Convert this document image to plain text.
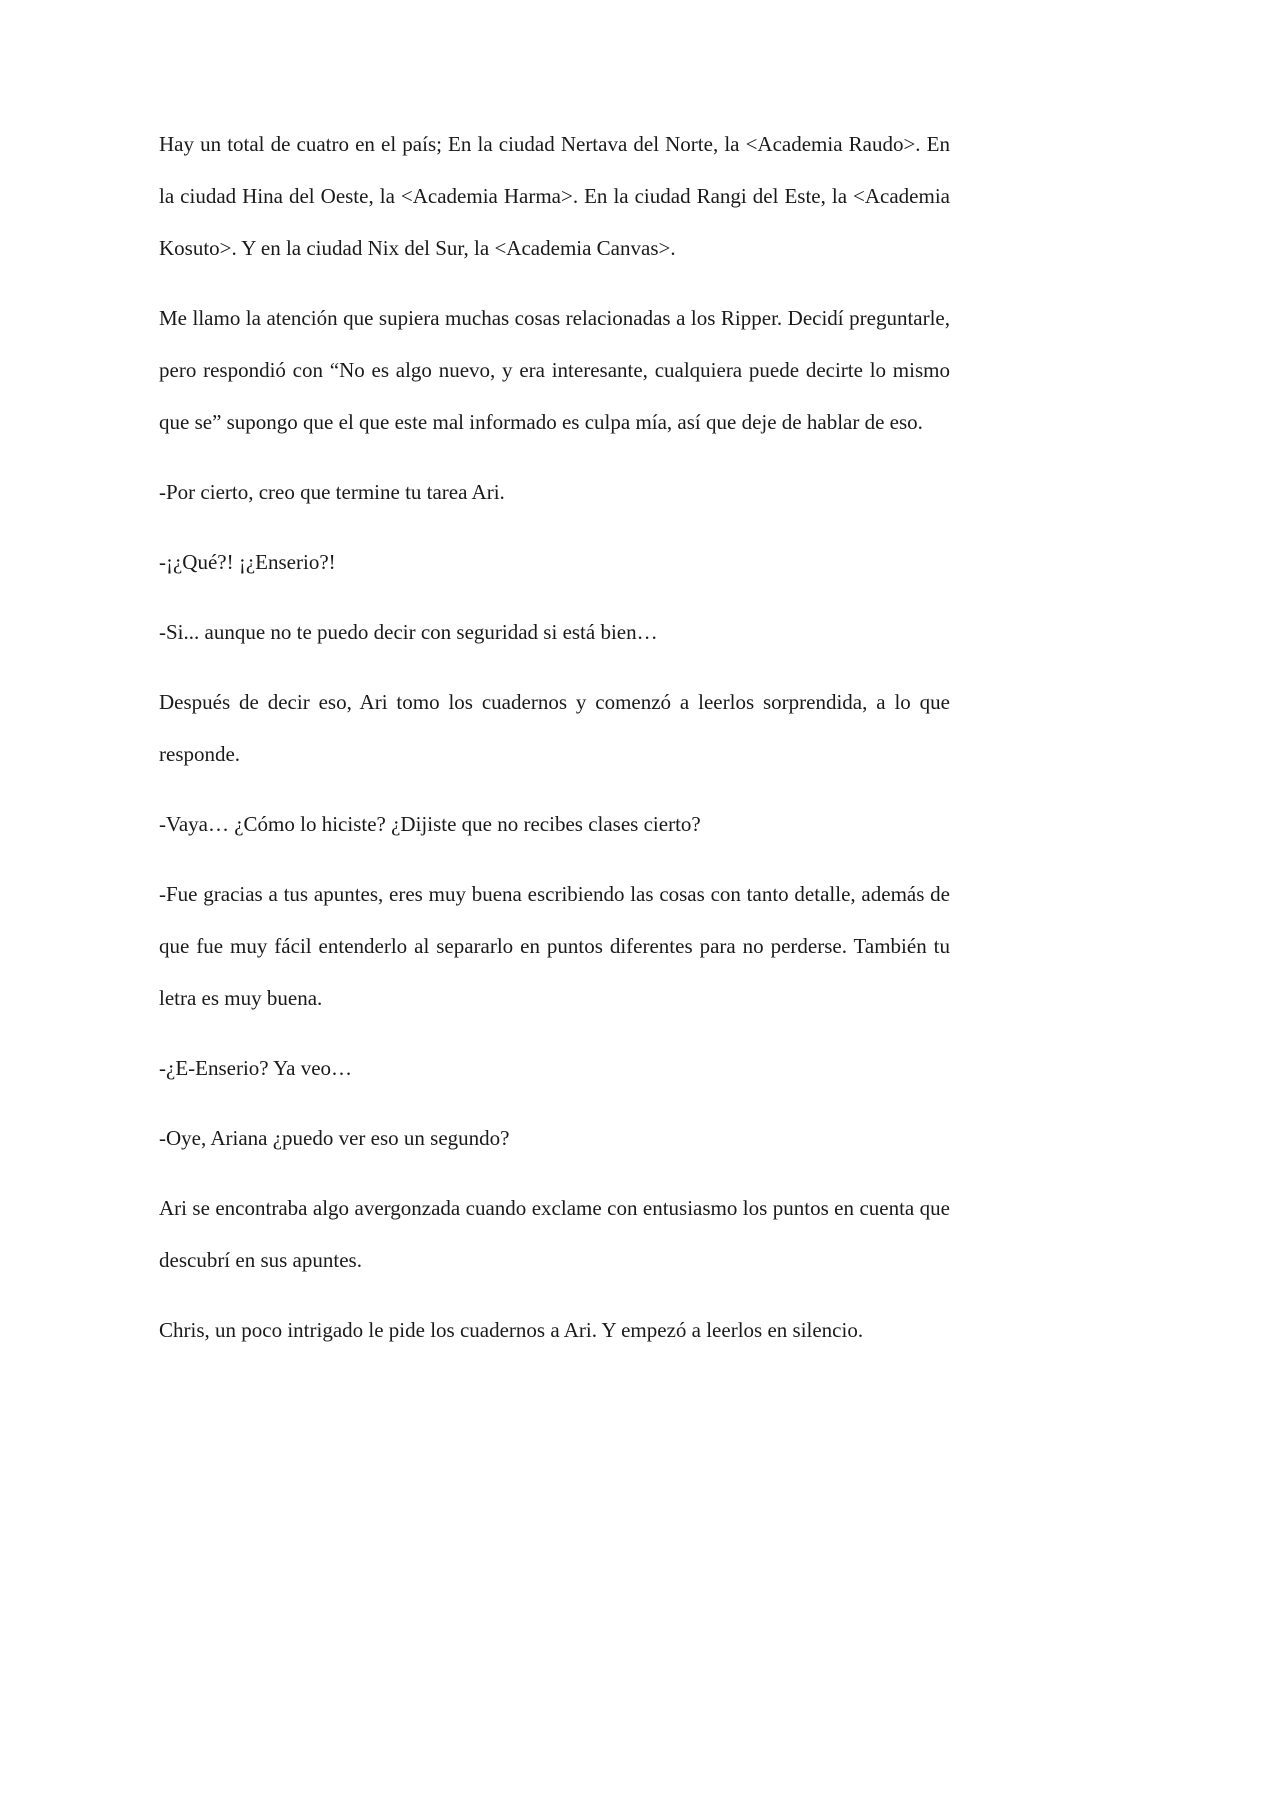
Hay un total de cuatro en el país; En la ciudad Nertava del Norte, la <Academia Raudo>. En la ciudad Hina del Oeste, la <Academia Harma>. En la ciudad Rangi del Este, la <Academia Kosuto>. Y en la ciudad Nix del Sur, la <Academia Canvas>.

Me llamo la atención que supiera muchas cosas relacionadas a los Ripper. Decidí preguntarle, pero respondió con “No es algo nuevo, y era interesante, cualquiera puede decirte lo mismo que se” supongo que el que este mal informado es culpa mía, así que deje de hablar de eso.

-Por cierto, creo que termine tu tarea Ari.

-¡¿Qué?! ¡¿Enserio?!

-Si... aunque no te puedo decir con seguridad si está bien…

Después de decir eso, Ari tomo los cuadernos y comenzó a leerlos sorprendida, a lo que responde.

-Vaya… ¿Cómo lo hiciste? ¿Dijiste que no recibes clases cierto?

-Fue gracias a tus apuntes, eres muy buena escribiendo las cosas con tanto detalle, además de que fue muy fácil entenderlo al separarlo en puntos diferentes para no perderse. También tu letra es muy buena.

-¿E-Enserio? Ya veo…

-Oye, Ariana ¿puedo ver eso un segundo?

Ari se encontraba algo avergonzada cuando exclame con entusiasmo los puntos en cuenta que descubrí en sus apuntes.

Chris, un poco intrigado le pide los cuadernos a Ari. Y empezó a leerlos en silencio.
